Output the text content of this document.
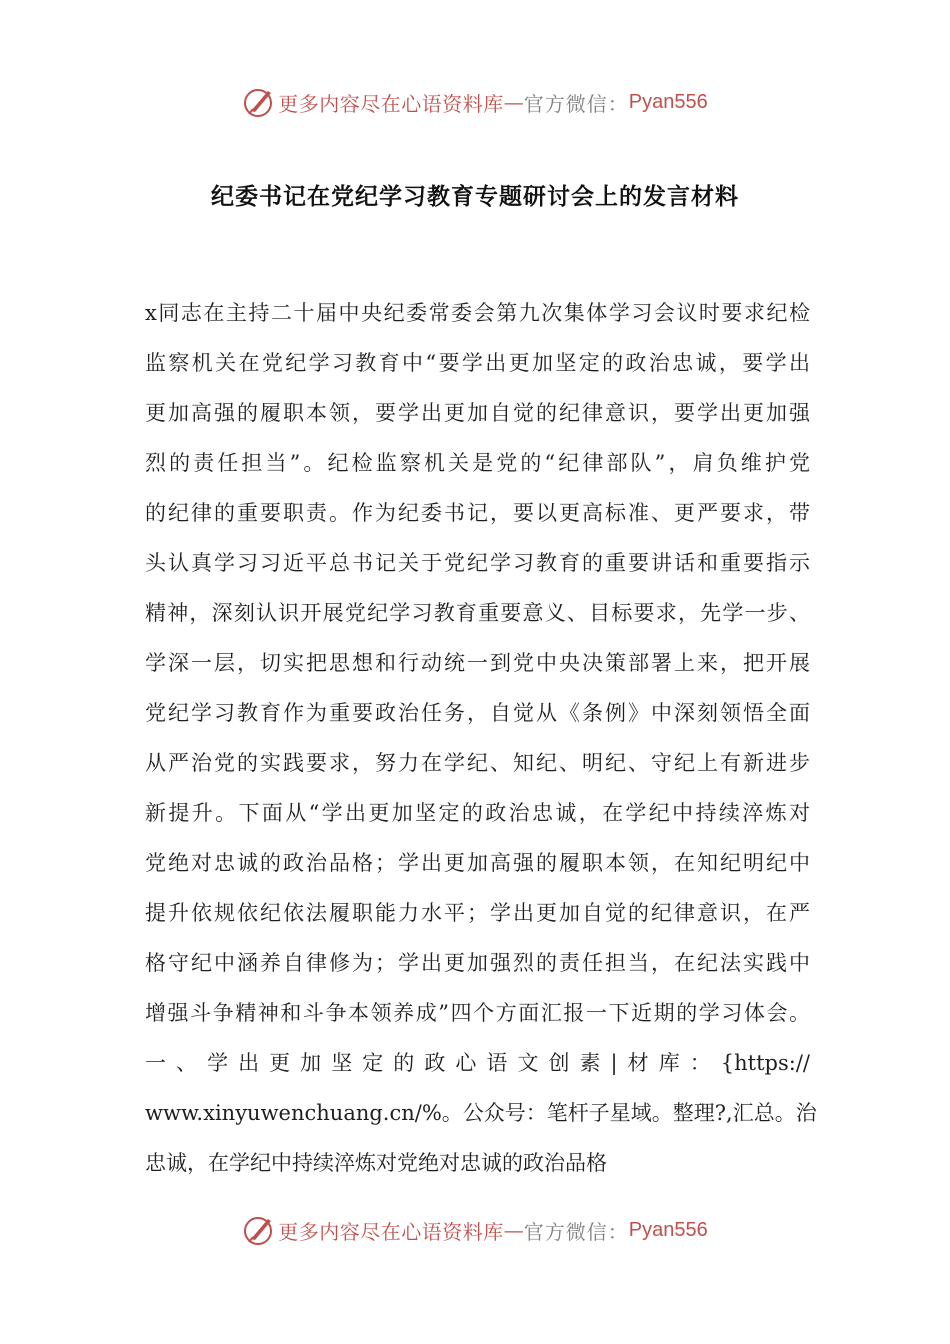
更多内容尽在心语资料库 — 官方微信： Pyan556
纪委书记在党纪学习教育专题研讨会上的发言材料
x同志在主持二十届中央纪委常委会第九次集体学习会议时要求纪检
监察机关在党纪学习教育中“要学出更加坚定的政治忠诚，要学出
更加高强的履职本领，要学出更加自觉的纪律意识，要学出更加强
烈的责任担当”。纪检监察机关是党的“纪律部队”，肩负维护党
的纪律的重要职责。作为纪委书记，要以更高标准、更严要求，带
头认真学习习近平总书记关于党纪学习教育的重要讲话和重要指示
精神，深刻认识开展党纪学习教育重要意义、目标要求，先学一步、
学深一层，切实把思想和行动统一到党中央决策部署上来，把开展
党纪学习教育作为重要政治任务，自觉从《条例》中深刻领悟全面
从严治党的实践要求，努力在学纪、知纪、明纪、守纪上有新进步
新提升。下面从“学出更加坚定的政治忠诚，在学纪中持续淬炼对
党绝对忠诚的政治品格；学出更加高强的履职本领，在知纪明纪中
提升依规依纪依法履职能力水平；学出更加自觉的纪律意识，在严
格守纪中涵养自律修为；学出更加强烈的责任担当，在纪法实践中
增强斗争精神和斗争本领养成”四个方面汇报一下近期的学习体会。
一、学出更加坚定的政心语文创素|材库：{https://
www.xinyuwenchuang.cn/%。公众号：笔杆子星域。整理?,汇总。治
忠诚，在学纪中持续淬炼对党绝对忠诚的政治品格
更多内容尽在心语资料库 — 官方微信： Pyan556
